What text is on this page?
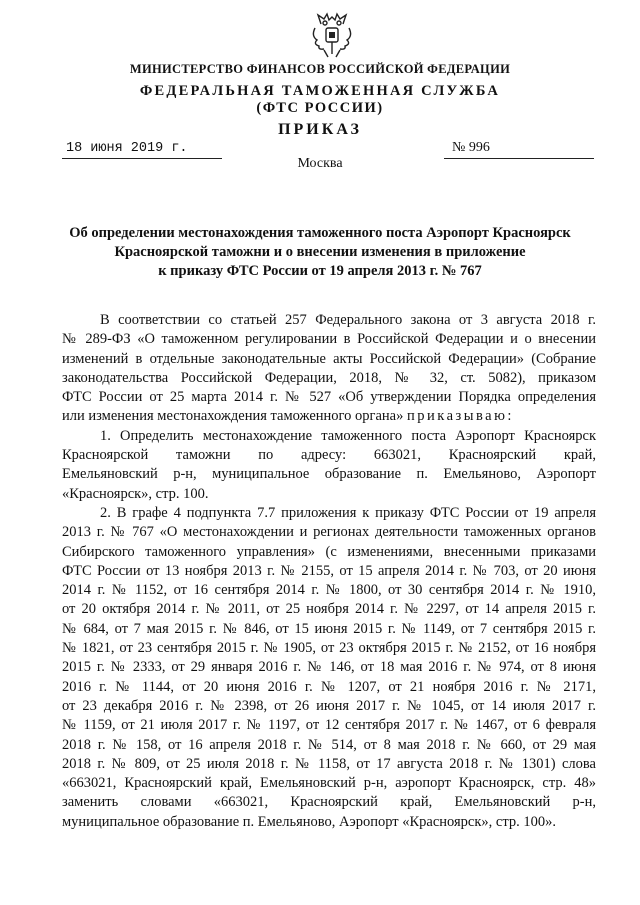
МИНИСТЕРСТВО ФИНАНСОВ РОССИЙСКОЙ ФЕДЕРАЦИИ
ФЕДЕРАЛЬНАЯ ТАМОЖЕННАЯ СЛУЖБА
(ФТС РОССИИ)
ПРИКАЗ
18 июня 2019 г.	№ 996
Москва
Об определении местонахождения таможенного поста Аэропорт Красноярск
Красноярской таможни и о внесении изменения в приложение
к приказу ФТС России от 19 апреля 2013 г. № 767
В соответствии со статьей 257 Федерального закона от 3 августа 2018 г.
№ 289-ФЗ «О таможенном регулировании в Российской Федерации и о внесении
изменений в отдельные законодательные акты Российской Федерации» (Собрание
законодательства Российской Федерации, 2018, № 32, ст. 5082), приказом
ФТС России от 25 марта 2014 г. № 527 «Об утверждении Порядка определения
или изменения местонахождения таможенного органа» приказываю:
1. Определить местонахождение таможенного поста Аэропорт Красноярск
Красноярской таможни по адресу: 663021, Красноярский край,
Емельяновский р-н, муниципальное образование п. Емельяново, Аэропорт
«Красноярск», стр. 100.
2. В графе 4 подпункта 7.7 приложения к приказу ФТС России от 19 апреля
2013 г. № 767 «О местонахождении и регионах деятельности таможенных органов
Сибирского таможенного управления» (с изменениями, внесенными приказами
ФТС России от 13 ноября 2013 г. № 2155, от 15 апреля 2014 г. № 703, от 20 июня
2014 г. № 1152, от 16 сентября 2014 г. № 1800, от 30 сентября 2014 г. № 1910,
от 20 октября 2014 г. № 2011, от 25 ноября 2014 г. № 2297, от 14 апреля 2015 г.
№ 684, от 7 мая 2015 г. № 846, от 15 июня 2015 г. № 1149, от 7 сентября 2015 г.
№ 1821, от 23 сентября 2015 г. № 1905, от 23 октября 2015 г. № 2152, от 16 ноября
2015 г. № 2333, от 29 января 2016 г. № 146, от 18 мая 2016 г. № 974, от 8 июня
2016 г. № 1144, от 20 июня 2016 г. № 1207, от 21 ноября 2016 г. № 2171,
от 23 декабря 2016 г. № 2398, от 26 июня 2017 г. № 1045, от 14 июля 2017 г.
№ 1159, от 21 июля 2017 г. № 1197, от 12 сентября 2017 г. № 1467, от 6 февраля
2018 г. № 158, от 16 апреля 2018 г. № 514, от 8 мая 2018 г. № 660, от 29 мая
2018 г. № 809, от 25 июля 2018 г. № 1158, от 17 августа 2018 г. № 1301) слова
«663021, Красноярский край, Емельяновский р-н, аэропорт Красноярск, стр. 48»
заменить словами «663021, Красноярский край, Емельяновский р-н,
муниципальное образование п. Емельяново, Аэропорт «Красноярск», стр. 100».
